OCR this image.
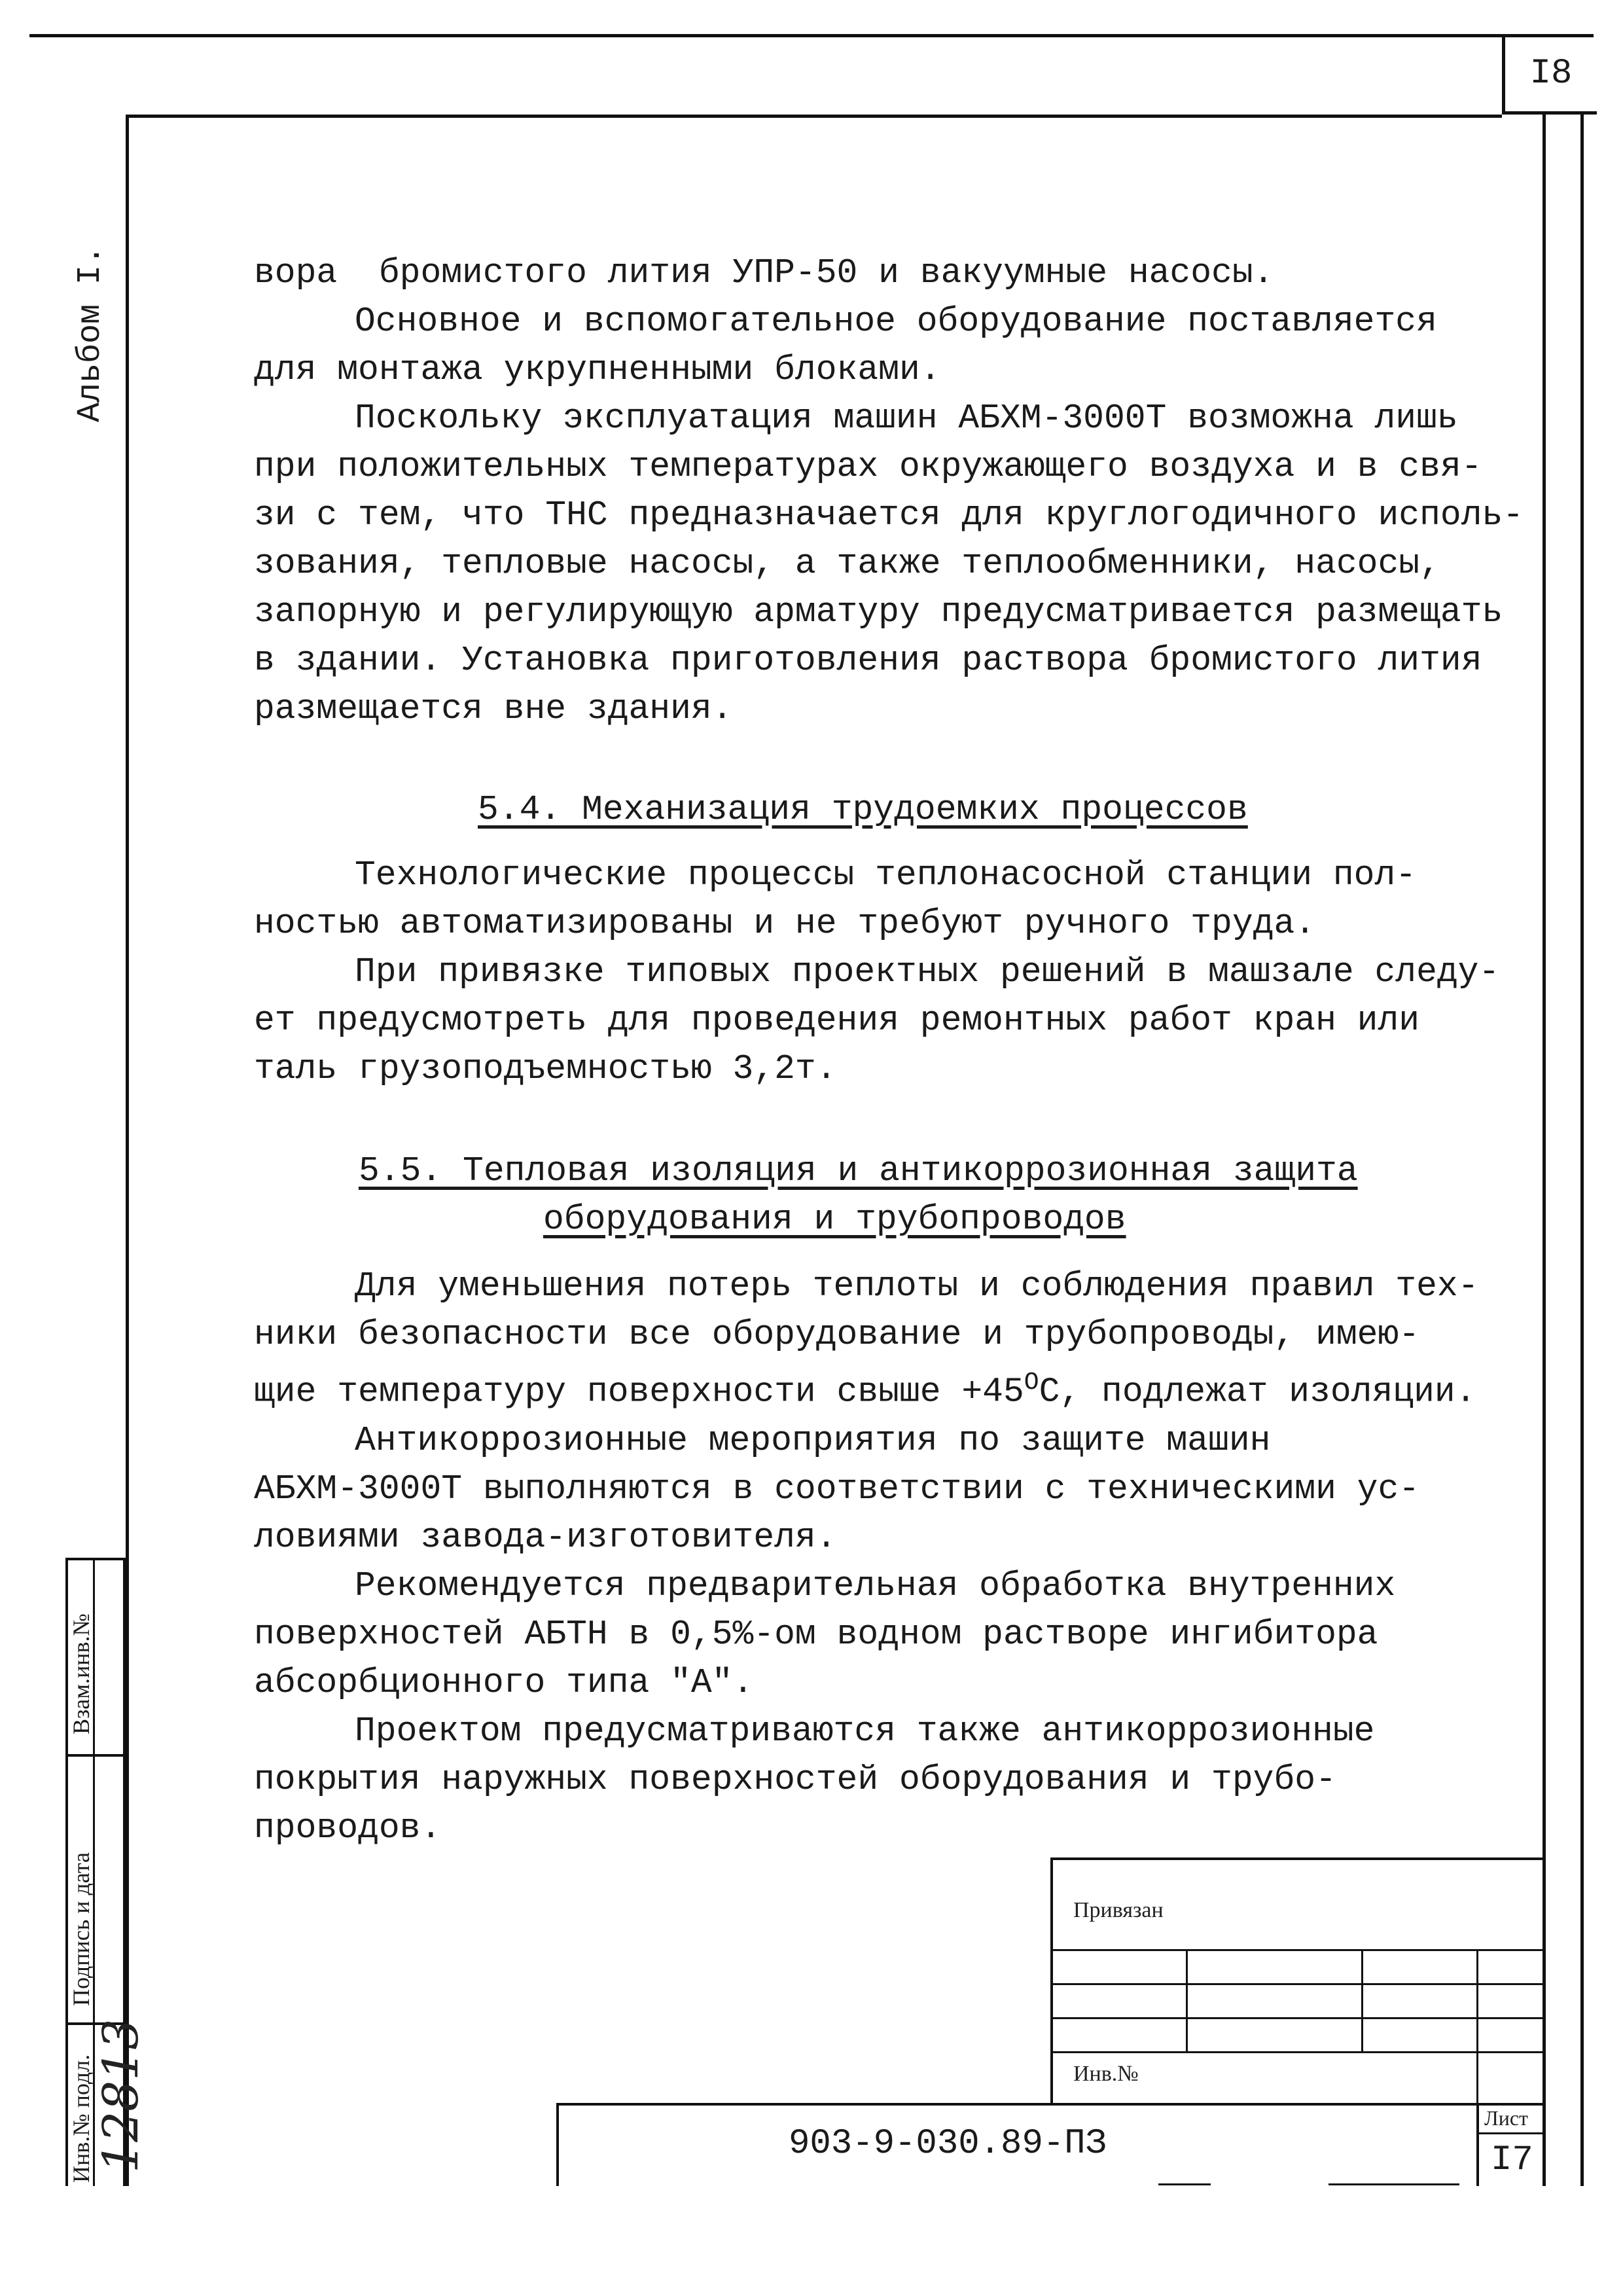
I8
Альбом I.	вора  бромистого лития УПР-50 и вакуумные насосы.

Основное и вспомогательное оборудование поставляется

для монтажа укрупненными блоками.

Поскольку эксплуатация машин АБХМ-3000Т возможна лишь

при положительных температурах окружающего воздуха и в свя-

зи с тем, что ТНС предназначается для круглогодичного исполь-

зования, тепловые насосы, а также теплообменники, насосы,

запорную и регулирующую арматуру предусматривается размещать

в здании. Установка приготовления раствора бромистого лития

размещается вне здания.

5.4. Механизация трудоемких процессов

Технологические процессы теплонасосной станции пол-

ностью автоматизированы и не требуют ручного труда.

При привязке типовых проектных решений в машзале следу-

ет предусмотреть для проведения ремонтных работ кран или

таль грузоподъемностью 3,2т.

5.5. Тепловая изоляция и антикоррозионная защита
оборудования и трубопроводов

Для уменьшения потерь теплоты и соблюдения правил тех-

ники безопасности все оборудование и трубопроводы, имею-

щие температуру поверхности свыше $+45^ОС$, подлежат изоляции.

Антикоррозионные мероприятия по защите машин

АБХМ-3000Т выполняются в соответствии с техническими ус-

ловиями завода-изготовителя.

Рекомендуется предварительная обработка внутренних

поверхностей АБТН в 0,5%-ом водном растворе ингибитора

абсорбционного типа "А".

Проектом предусматриваются также антикоррозионные

покрытия наружных поверхностей оборудования и трубо-

проводов.

Взам.инв.№
Подпись и дата
Инв.№ подл.
12813
Привязан
Инв.№
903-9-030.89-ПЗ
Лист
I7
